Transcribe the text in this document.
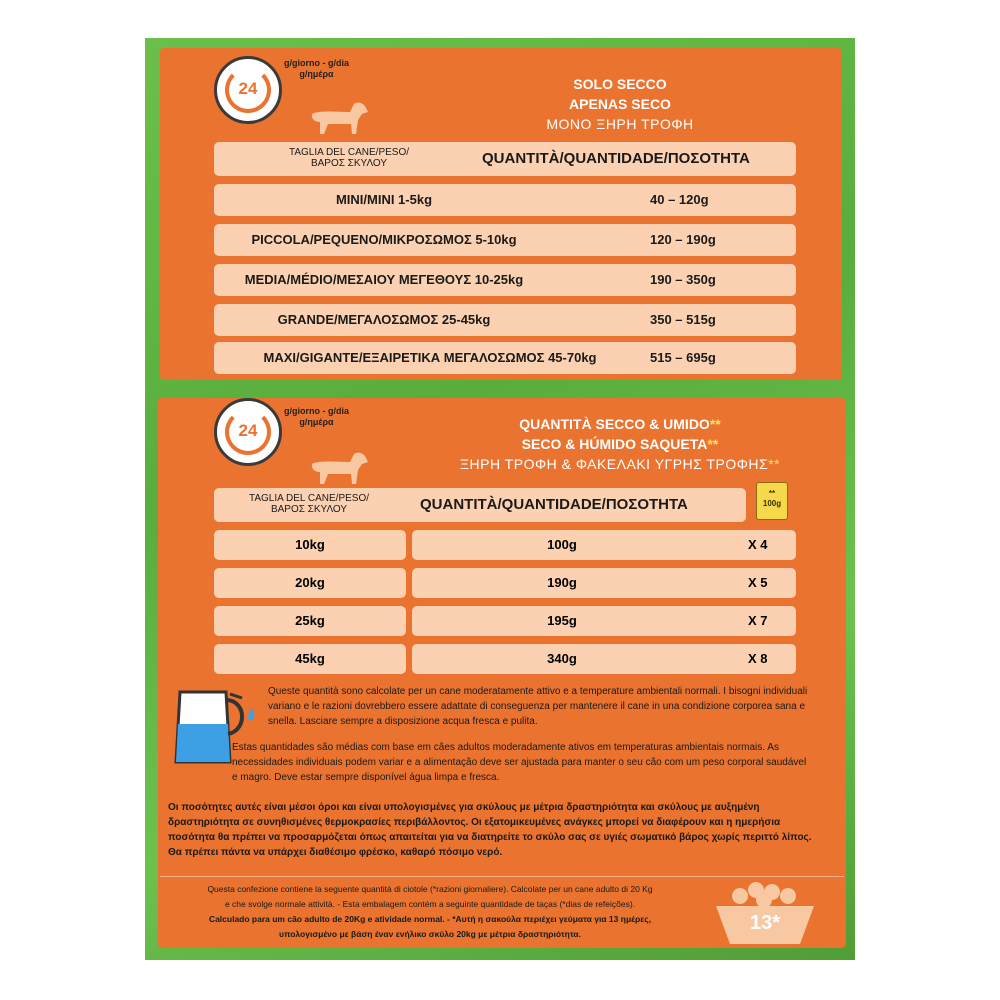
24
g/giorno - g/dia
g/ημέρα
SOLO SECCO
APENAS SECO
ΜΟΝΟ ΞΗΡΗ ΤΡΟΦΗ
TAGLIA DEL CANE/PESO/
ΒΑΡΟΣ ΣΚΥΛΟΥ	QUANTITÀ/QUANTIDADE/ΠΟΣΟΤΗΤΑ
MINI/MINI 1-5kg	40 – 120g
PICCOLA/PEQUENO/ΜΙΚΡΟΣΩΜΟΣ 5-10kg	120 – 190g
MEDIA/MÉDIO/ΜΕΣΑΙΟΥ ΜΕΓΕΘΟΥΣ 10-25kg	190 – 350g
GRANDE/ΜΕΓΑΛΟΣΩΜΟΣ 25-45kg	350 – 515g
MAXI/GIGANTE/ΕΞΑΙΡΕΤΙΚΑ ΜΕΓΑΛΟΣΩΜΟΣ 45-70kg	515 – 695g
24
g/giorno - g/dia
g/ημέρα	QUANTITÀ SECCO & UMIDO**
SECO & HÚMIDO SAQUETA**
ΞΗΡΗ ΤΡΟΦΗ & ΦΑΚΕΛΑΚΙ ΥΓΡΗΣ ΤΡΟΦΗΣ**
TAGLIA DEL CANE/PESO/
ΒΑΡΟΣ ΣΚΥΛΟΥ	QUANTITÀ/QUANTIDADE/ΠΟΣΟΤΗΤΑ
**
100g
10kg	100g	X 4
20kg	190g	X 5
25kg	195g	X 7
45kg	340g	X 8
Queste quantità sono calcolate per un cane moderatamente attivo e a temperature ambientali normali. I bisogni individuali variano e le razioni dovrebbero essere adattate di conseguenza per mantenere il cane in una condizione corporea sana e snella. Lasciare sempre a disposizione acqua fresca e pulita.
Estas quantidades são médias com base em cães adultos moderadamente ativos em temperaturas ambientais normais. As necessidades individuais podem variar e a alimentação deve ser ajustada para manter o seu cão com um peso corporal saudável e magro. Deve estar sempre disponível água limpa e fresca.
Οι ποσότητες αυτές είναι μέσοι όροι και είναι υπολογισμένες για σκύλους με μέτρια δραστηριότητα και σκύλους με αυξημένη δραστηριότητα σε συνηθισμένες θερμοκρασίες περιβάλλοντος. Οι εξατομικευμένες ανάγκες μπορεί να διαφέρουν και η ημερήσια ποσότητα θα πρέπει να προσαρμόζεται όπως απαιτείται για να διατηρείτε το σκύλο σας σε υγιές σωματικό βάρος χωρίς περιττό λίπος. Θα πρέπει πάντα να υπάρχει διαθέσιμο φρέσκο, καθαρό πόσιμο νερό.
Questa confezione contiene la seguente quantità di ciotole (*razioni giornaliere). Calcolate per un cane adulto di 20 Kg
e che svolge normale attività. - Esta embalagem contém a seguinte quantidade de taças (*dias de refeições).
Calculado para um cão adulto de 20Kg e atividade normal. - *Αυτή η σακούλα περιέχει γεύματα για 13 ημέρες,
υπολογισμένο με βάση έναν ενήλικο σκύλο 20kg με μέτρια δραστηριότητα.	13*
